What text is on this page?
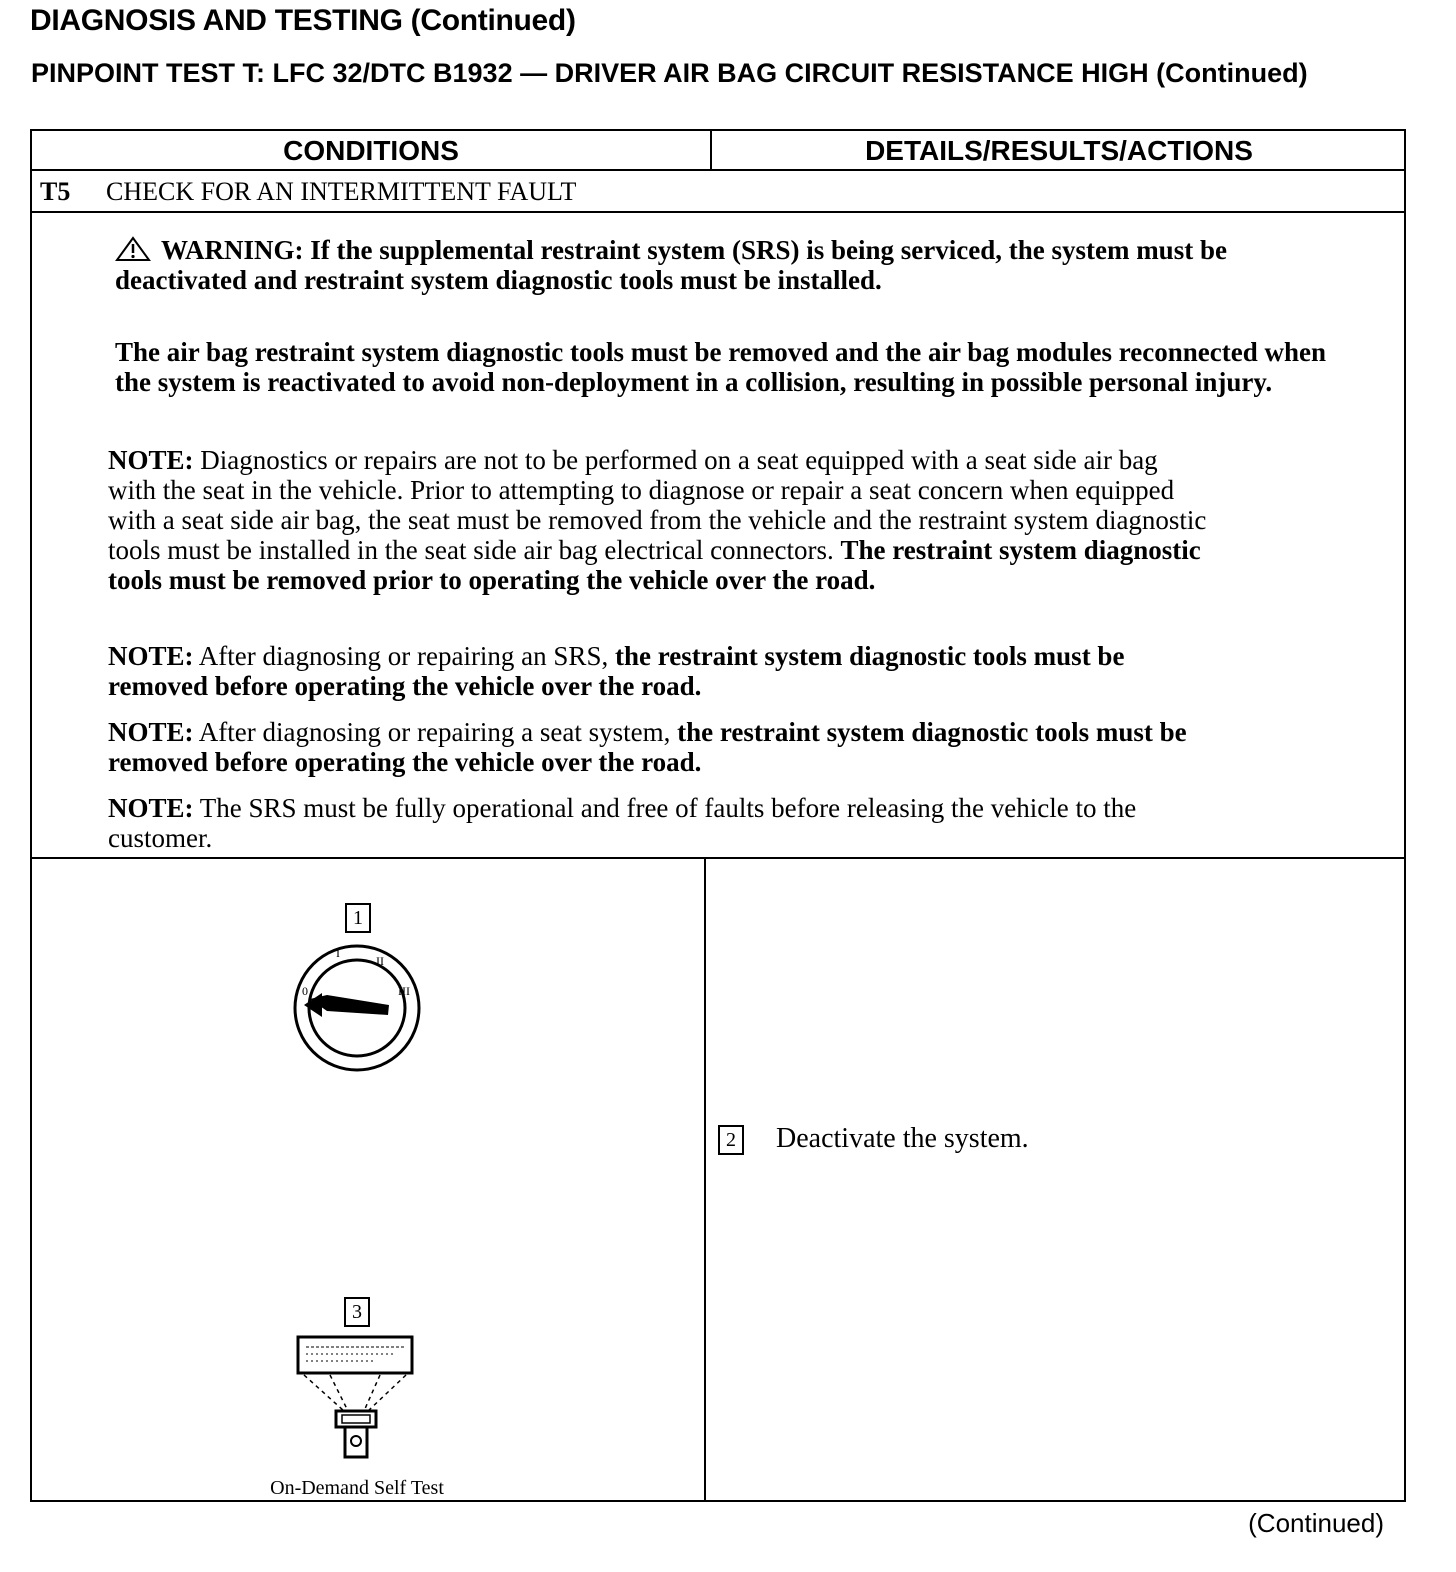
DIAGNOSIS AND TESTING (Continued)
PINPOINT TEST T: LFC 32/DTC B1932 — DRIVER AIR BAG CIRCUIT RESISTANCE HIGH (Continued)
CONDITIONS	DETAILS/RESULTS/ACTIONS
T5 CHECK FOR AN INTERMITTENT FAULT

WARNING: If the supplemental restraint system (SRS) is being serviced, the system must be deactivated and restraint system diagnostic tools must be installed.

The air bag restraint system diagnostic tools must be removed and the air bag modules reconnected when the system is reactivated to avoid non-deployment in a collision, resulting in possible personal injury.

NOTE: Diagnostics or repairs are not to be performed on a seat equipped with a seat side air bag with the seat in the vehicle. Prior to attempting to diagnose or repair a seat concern when equipped with a seat side air bag, the seat must be removed from the vehicle and the restraint system diagnostic tools must be installed in the seat side air bag electrical connectors. The restraint system diagnostic tools must be removed prior to operating the vehicle over the road.

NOTE: After diagnosing or repairing an SRS, the restraint system diagnostic tools must be removed before operating the vehicle over the road.

NOTE: After diagnosing or repairing a seat system, the restraint system diagnostic tools must be removed before operating the vehicle over the road.

NOTE: The SRS must be fully operational and free of faults before releasing the vehicle to the customer.

1
0
I
II
III
3
On-Demand Self Test
2 Deactivate the system.
(Continued)
